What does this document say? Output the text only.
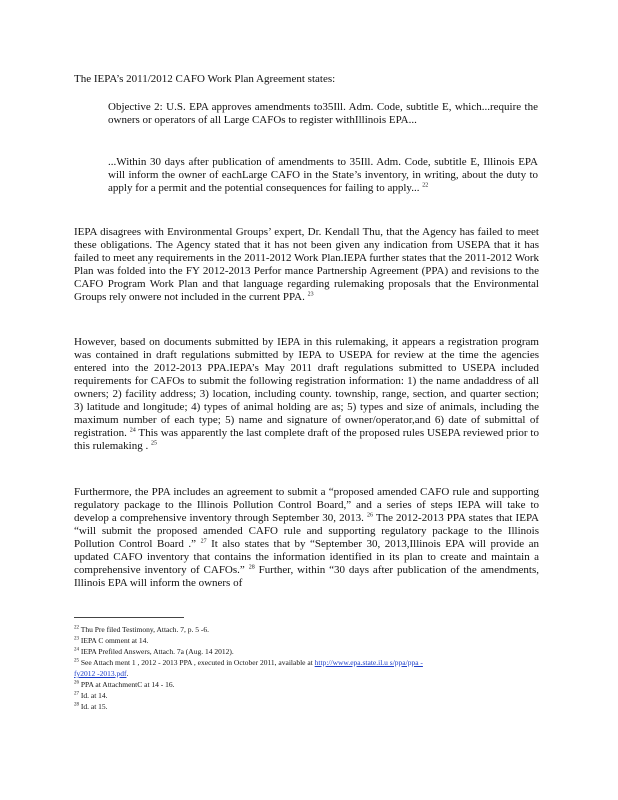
The IEPA’s 2011/2012 CAFO Work Plan Agreement states:
Objective 2: U.S. EPA approves amendments to35Ill. Adm. Code, subtitle E, which...require the owners or operators of all Large CAFOs to register withIllinois EPA...
...Within 30 days after publication of amendments to 35Ill. Adm. Code, subtitle E, Illinois EPA will inform the owner of eachLarge CAFO in the State’s inventory, in writing, about the duty to apply for a permit and the potential consequences for failing to apply... $^{22}$
IEPA disagrees with Environmental Groups’ expert, Dr. Kendall Thu, that the Agency has failed to meet these obligations. The Agency stated that it has not been given any indication from USEPA that it has failed to meet any requirements in the 2011-2012 Work Plan.IEPA further states that the 2011-2012 Work Plan was folded into the FY 2012-2013 Perfor mance Partnership Agreement (PPA) and revisions to the CAFO Program Work Plan and that language regarding rulemaking proposals that the Environmental Groups rely onwere not included in the current PPA. $^{23}$
However, based on documents submitted by IEPA in this rulemaking, it appears a registration program was contained in draft regulations submitted by IEPA to USEPA for review at the time the agencies entered into the 2012-2013 PPA.IEPA’s May 2011 draft regulations submitted to USEPA included requirements for CAFOs to submit the following registration information: 1) the name andaddress of all owners; 2) facility address; 3) location, including county. township, range, section, and quarter section; 3) latitude and longitude; 4) types of animal holding are as; 5) types and size of animals, including the maximum number of each type; 5) name and signature of owner/operator,and 6) date of submittal of registration. $^{24}$ This was apparently the last complete draft of the proposed rules USEPA reviewed prior to this rulemaking . $^{25}$
Furthermore, the PPA includes an agreement to submit a “proposed amended CAFO rule and supporting regulatory package to the Illinois Pollution Control Board,” and a series of steps IEPA will take to develop a comprehensive inventory through September 30, 2013. $^{26}$ The 2012-2013 PPA states that IEPA “will submit the proposed amended CAFO rule and supporting regulatory package to the Illinois Pollution Control Board .” $^{27}$ It also states that by “September 30, 2013,Illinois EPA will provide an updated CAFO inventory that contains the information identified in its plan to create and maintain a comprehensive inventory of CAFOs.” $^{28}$ Further, within “30 days after publication of the amendments, Illinois EPA will inform the owners of

$^{22}$ Thu Pre filed Testimony, Attach. 7, p. 5 -6.

$^{23}$ IEPA C omment at 14.

$^{24}$ IEPA Prefiled Answers, Attach. 7a (Aug. 14 2012).

$^{25}$ See Attach ment 1 , 2012 - 2013 PPA , executed in October 2011, available at http://www.epa.state.il.u s/ppa/ppa -

fy2012 -2013.pdf.

$^{26}$ PPA at AttachmentC at 14 - 16.

$^{27}$ Id. at 14.

$^{28}$ Id. at 15.
